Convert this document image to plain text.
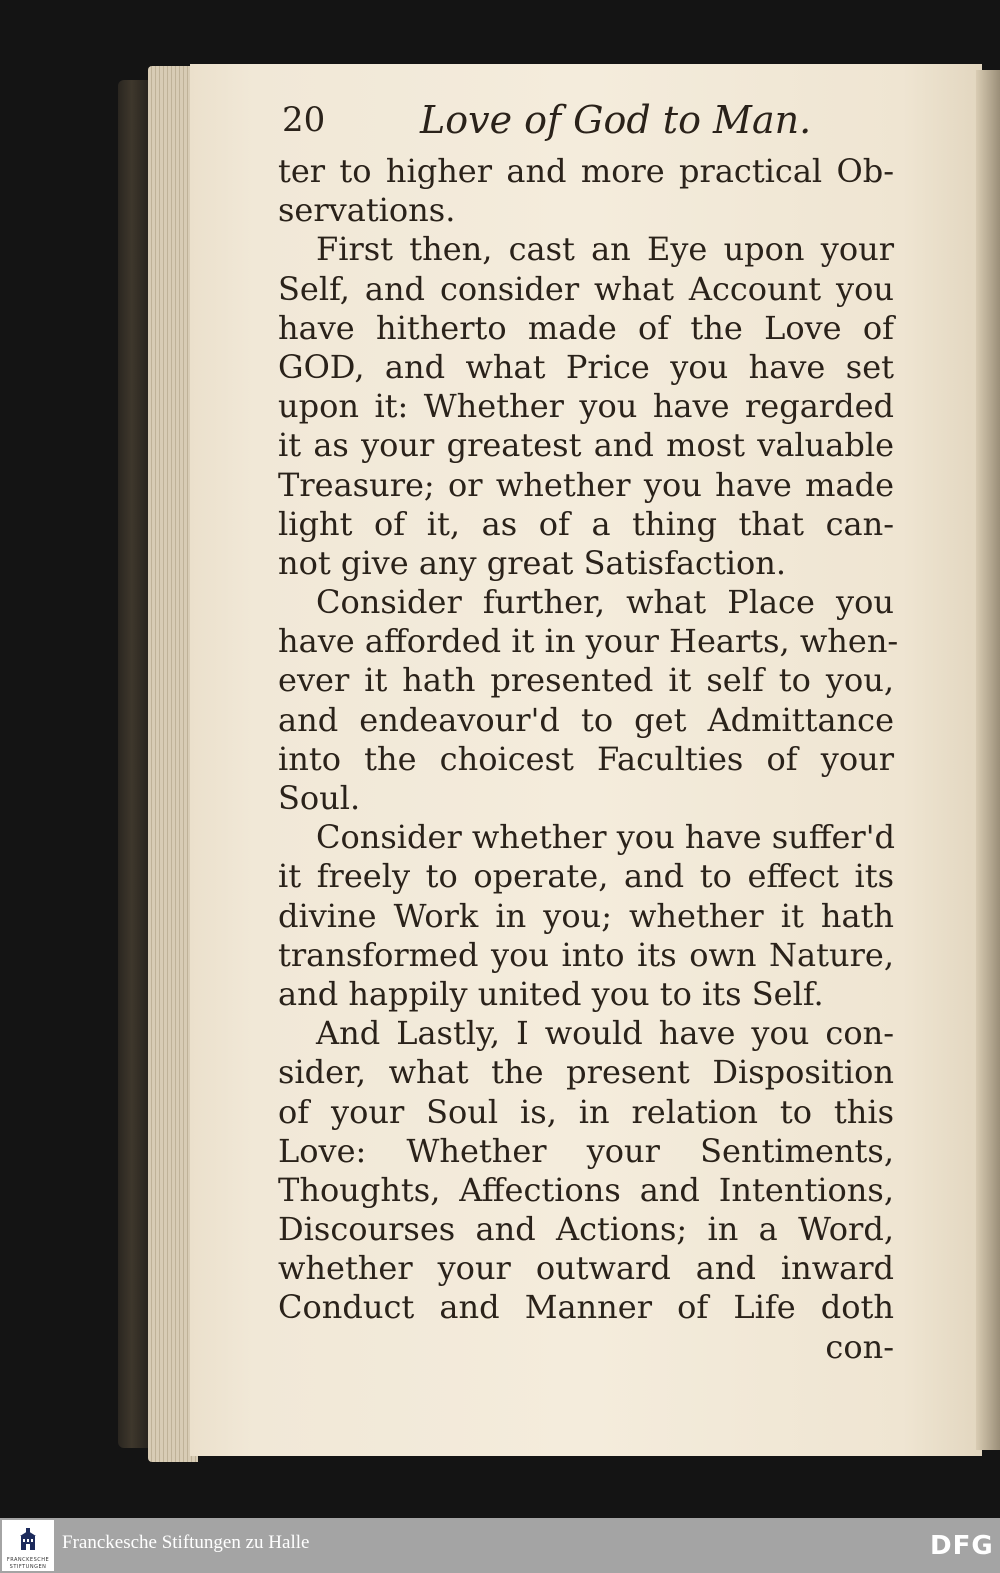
20 Love of God to Man.
ter to higher and more practical Ob-
servations.
First then, cast an Eye upon your
Self, and consider what Account you
have hitherto made of the Love of
GOD, and what Price you have set
upon it: Whether you have regarded
it as your greatest and most valuable
Treasure; or whether you have made
light of it, as of a thing that can-
not give any great Satisfaction.
Consider further, what Place you
have afforded it in your Hearts, when-
ever it hath presented it self to you,
and endeavour'd to get Admittance
into the choicest Faculties of your
Soul.
Consider whether you have suffer'd
it freely to operate, and to effect its
divine Work in you; whether it hath
transformed you into its own Nature,
and happily united you to its Self.
And Lastly, I would have you con-
sider, what the present Disposition
of your Soul is, in relation to this
Love: Whether your Sentiments,
Thoughts, Affections and Intentions,
Discourses and Actions; in a Word,
whether your outward and inward
Conduct and Manner of Life doth
con-
FRANCKESCHE
STIFTUNGEN
Franckesche Stiftungen zu Halle	DFG
